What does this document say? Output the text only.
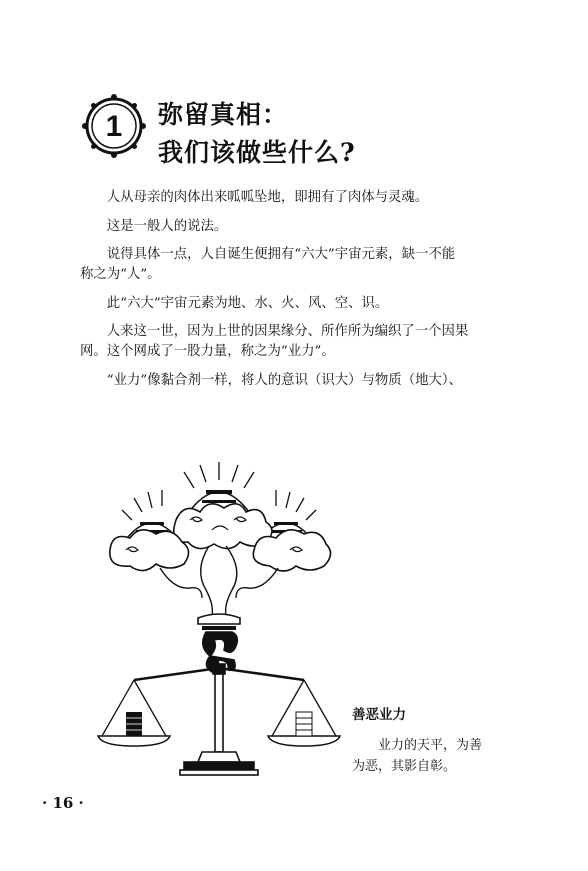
1 弥留真相：
我们该做些什么?

人从母亲的肉体出来呱呱坠地，即拥有了肉体与灵魂。

这是一般人的说法。

说得具体一点，人自诞生便拥有“六大”宇宙元素，缺一不能

称之为“人”。

此“六大”宇宙元素为地、水、火、风、空、识。

人来这一世，因为上世的因果缘分、所作所为编织了一个因果

网。这个网成了一股力量，称之为“业力”。

“业力”像黏合剂一样，将人的意识（识大）与物质（地大）、

善恶业力
业力的天平，为善为恶，其影自彰。
· 16 ·
